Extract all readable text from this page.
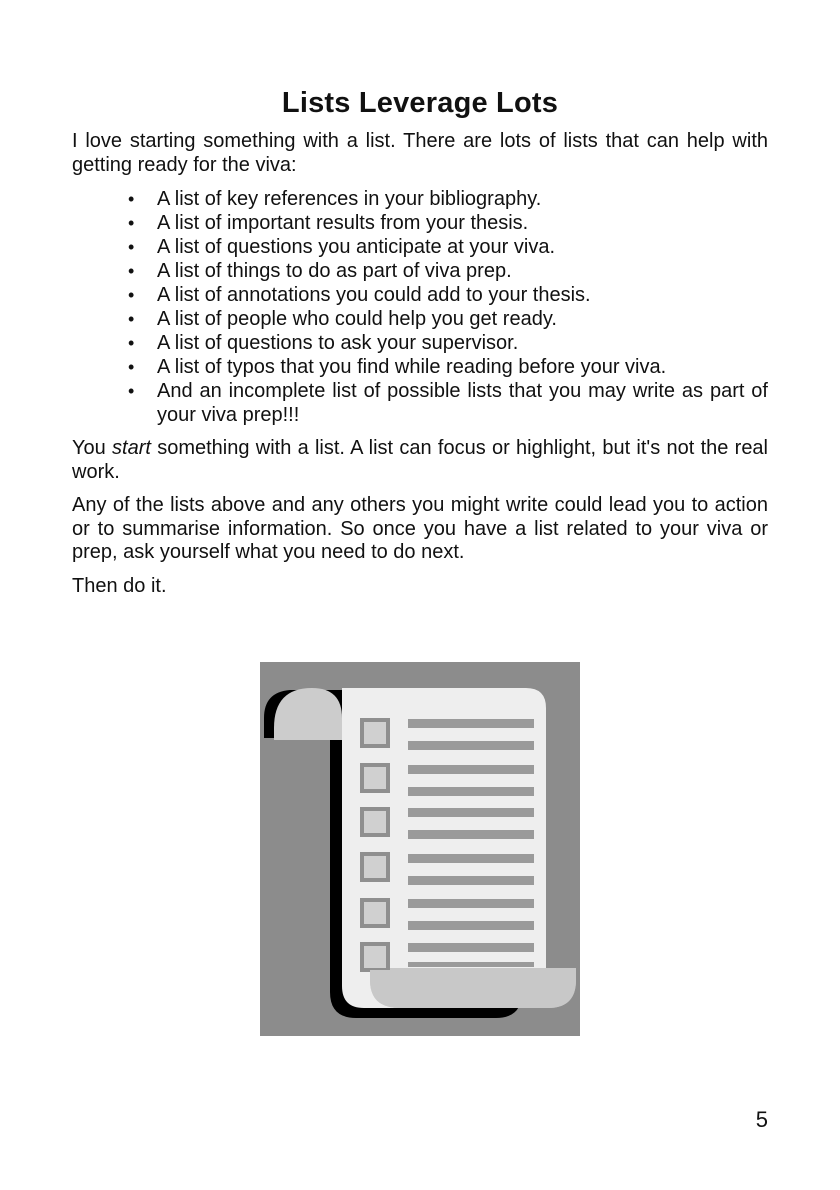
Lists Leverage Lots

I love starting something with a list. There are lots of lists that can help with getting ready for the viva:

• A list of key references in your bibliography.
• A list of important results from your thesis.
• A list of questions you anticipate at your viva.
• A list of things to do as part of viva prep.
• A list of annotations you could add to your thesis.
• A list of people who could help you get ready.
• A list of questions to ask your supervisor.
• A list of typos that you find while reading before your viva.
• And an incomplete list of possible lists that you may write as part of your viva prep!!!

You start something with a list. A list can focus or highlight, but it's not the real work.

Any of the lists above and any others you might write could lead you to action or to summarise information. So once you have a list related to your viva or prep, ask yourself what you need to do next.

Then do it.

5
